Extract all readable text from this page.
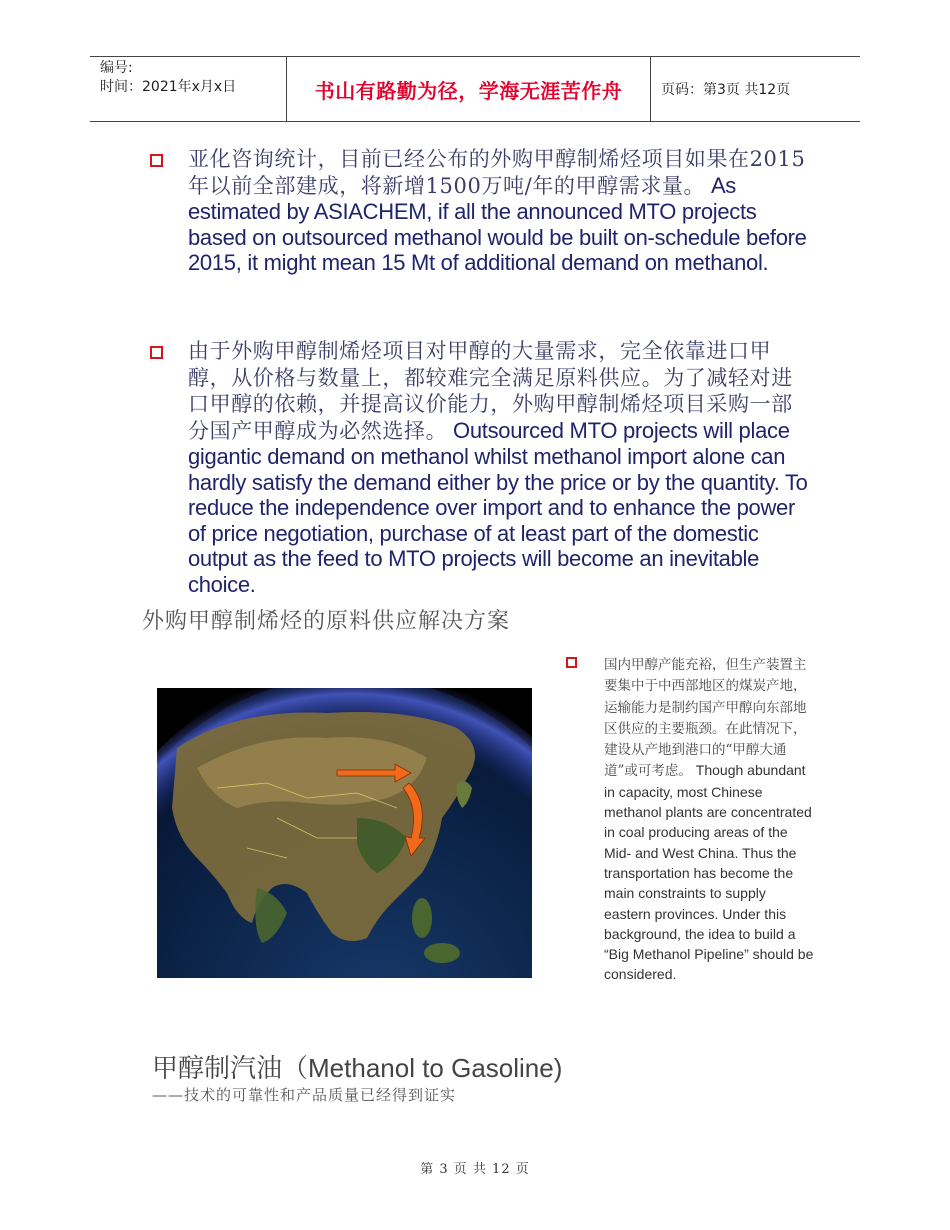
编号:
时间：2021年x月x日	书山有路勤为径，学海无涯苦作舟	页码：第3页 共12页
亚化咨询统计，目前已经公布的外购甲醇制烯烃项目如果在2015年以前全部建成，将新增1500万吨/年的甲醇需求量。 As estimated by ASIACHEM, if all the announced MTO projects based on outsourced methanol would be built on-schedule before 2015, it might mean 15 Mt of additional demand on methanol.
由于外购甲醇制烯烃项目对甲醇的大量需求，完全依靠进口甲醇，从价格与数量上，都较难完全满足原料供应。为了减轻对进口甲醇的依赖，并提高议价能力，外购甲醇制烯烃项目采购一部分国产甲醇成为必然选择。 Outsourced MTO projects will place gigantic demand on methanol whilst methanol import alone can hardly satisfy the demand either by the price or by the quantity. To reduce the independence over import and to enhance the power of price negotiation, purchase of at least part of the domestic output as the feed to MTO projects will become an inevitable choice.
外购甲醇制烯烃的原料供应解决方案
国内甲醇产能充裕，但生产装置主要集中于中西部地区的煤炭产地，运输能力是制约国产甲醇向东部地区供应的主要瓶颈。在此情况下，建设从产地到港口的“甲醇大通道”或可考虑。 Though abundant in capacity, most Chinese methanol plants are concentrated in coal producing areas of the Mid- and West China. Thus the transportation has become the main constraints to supply eastern provinces. Under this background, the idea to build a “Big Methanol Pipeline” should be considered.
甲醇制汽油（Methanol to Gasoline)
——技术的可靠性和产品质量已经得到证实
第 3 页 共 12 页
